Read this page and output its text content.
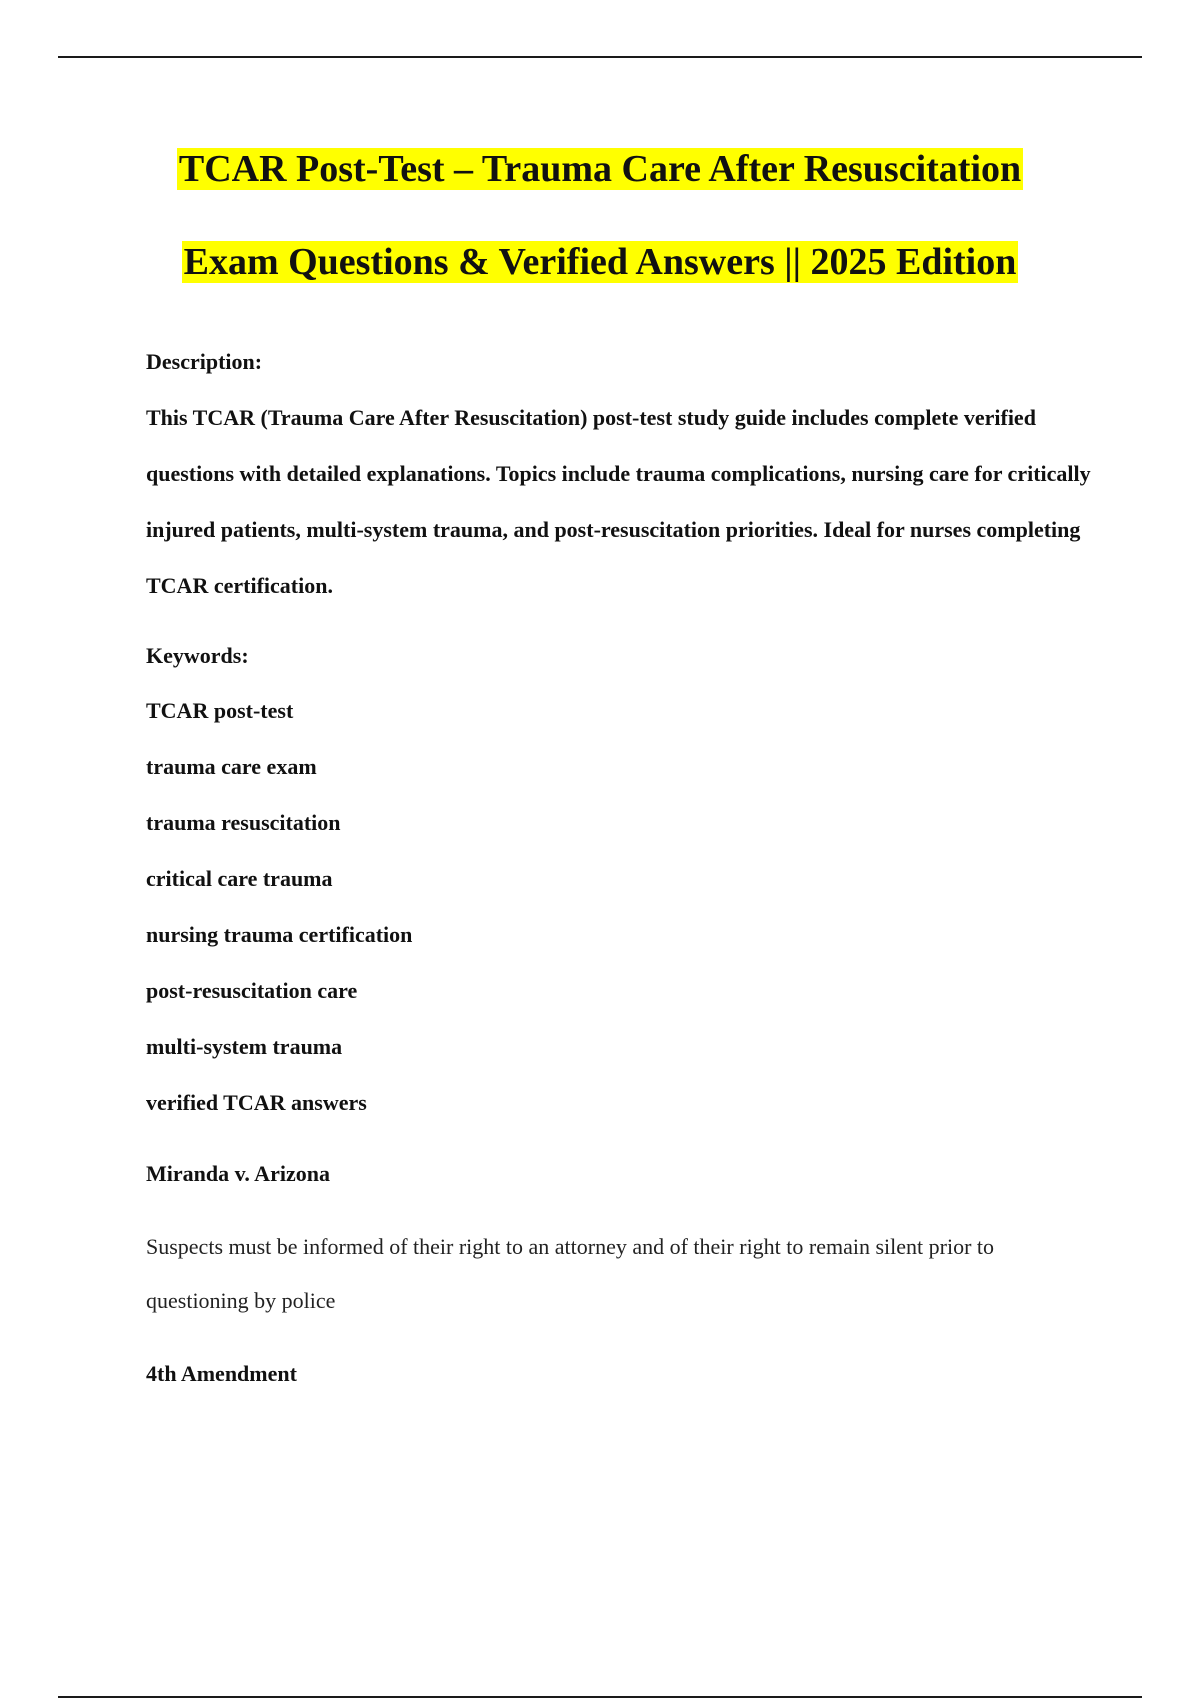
TCAR Post-Test – Trauma Care After Resuscitation
Exam Questions & Verified Answers || 2025 Edition
Description:

This TCAR (Trauma Care After Resuscitation) post-test study guide includes complete verified questions with detailed explanations. Topics include trauma complications, nursing care for critically injured patients, multi-system trauma, and post-resuscitation priorities. Ideal for nurses completing TCAR certification.

Keywords:
TCAR post-test
trauma care exam
trauma resuscitation
critical care trauma
nursing trauma certification
post-resuscitation care
multi-system trauma
verified TCAR answers
Miranda v. Arizona

Suspects must be informed of their right to an attorney and of their right to remain silent prior to questioning by police

4th Amendment
